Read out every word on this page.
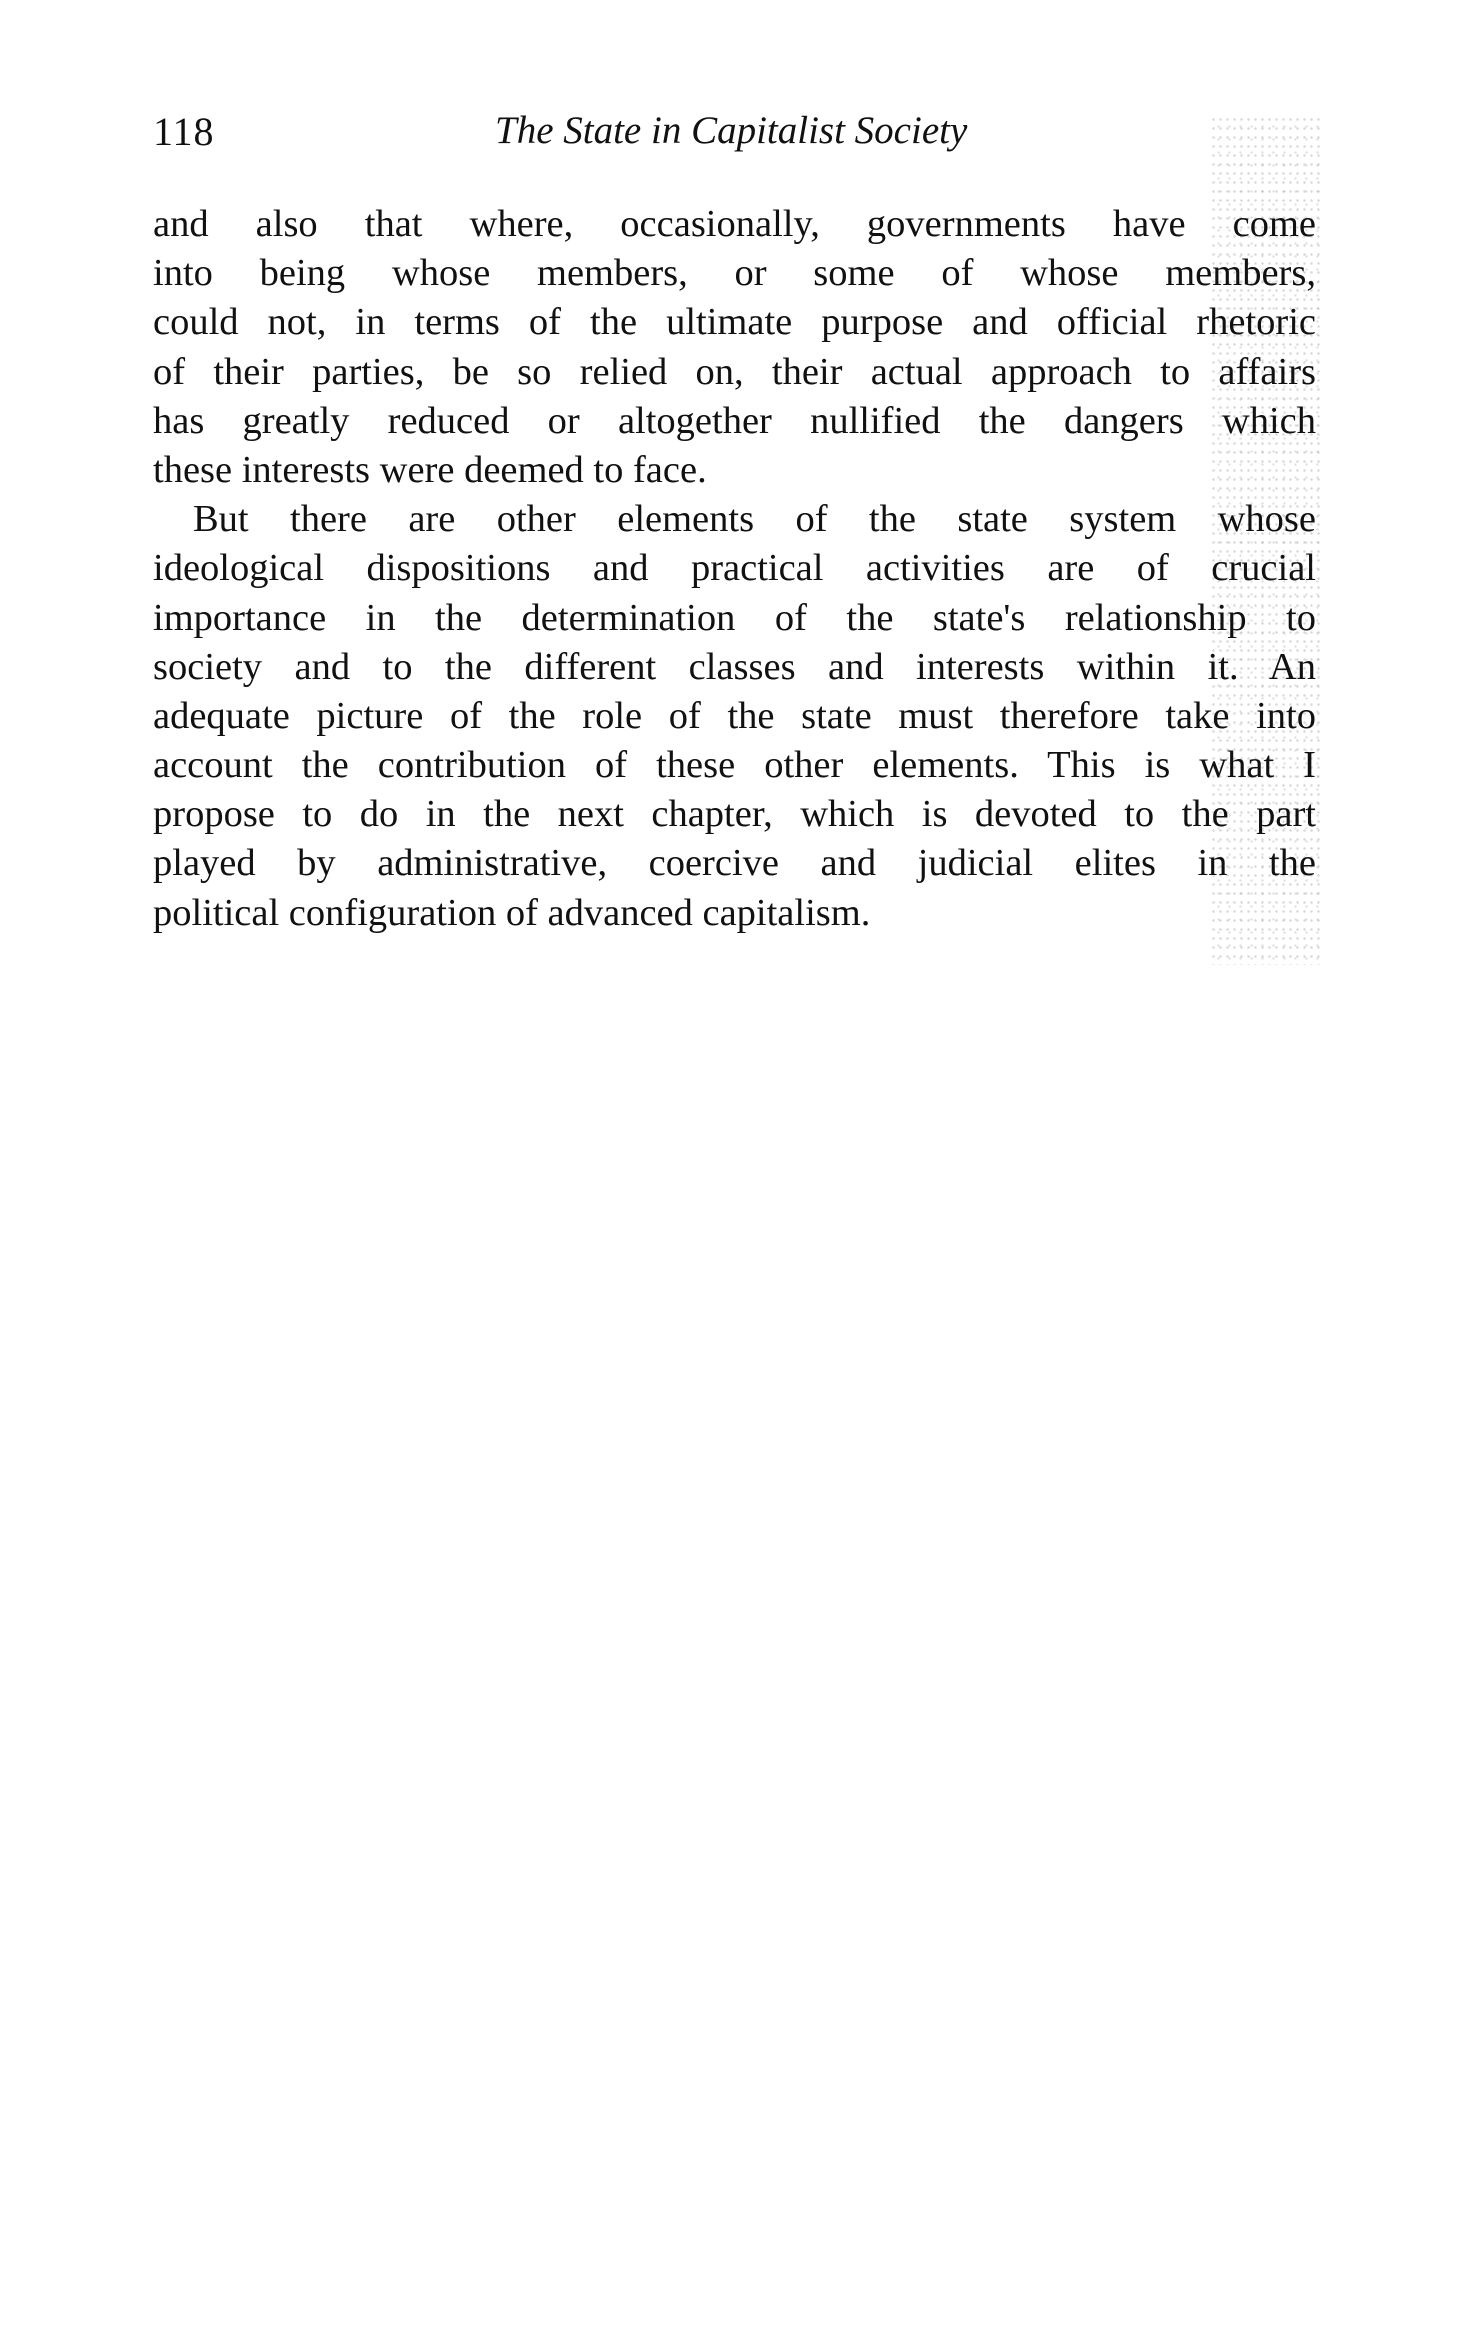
118	The State in Capitalist Society
and also that where, occasionally, governments have come
into being whose members, or some of whose members,
could not, in terms of the ultimate purpose and official rhetoric
of their parties, be so relied on, their actual approach to affairs
has greatly reduced or altogether nullified the dangers which
these interests were deemed to face.
But there are other elements of the state system whose
ideological dispositions and practical activities are of crucial
importance in the determination of the state's relationship to
society and to the different classes and interests within it. An
adequate picture of the role of the state must therefore take into
account the contribution of these other elements. This is what I
propose to do in the next chapter, which is devoted to the part
played by administrative, coercive and judicial elites in the
political configuration of advanced capitalism.
